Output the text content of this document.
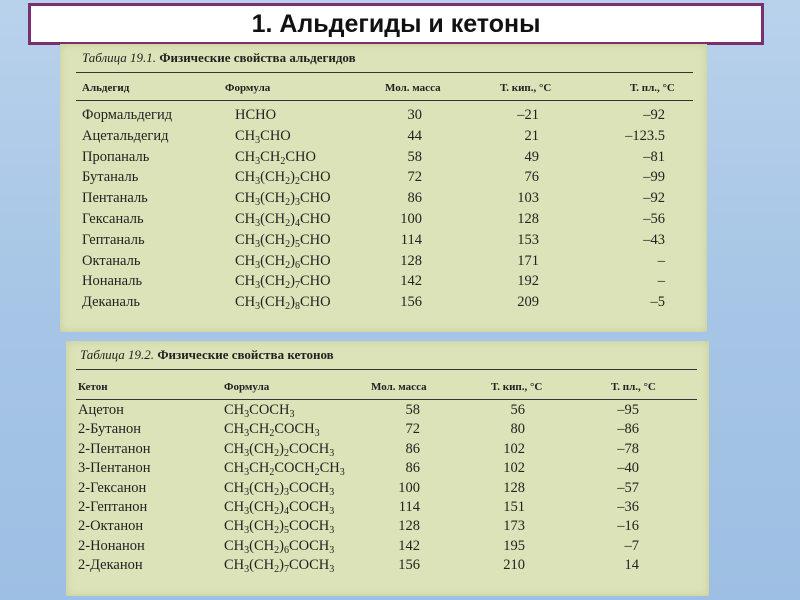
1. Альдегиды и кетоны
Таблица 19.1. Физические свойства альдегидов
Альдегид	Формула	Мол. масса	Т. кип., °С	Т. пл., °С
Формальдегид	HCHO	30	–21	–92
Ацетальдегид	$CH_3CHO$	44	21	–123.5
Пропаналь	$CH_3CH_2CHO$	58	49	–81
Бутаналь	$CH_3(CH_2)_2CHO$	72	76	–99
Пентаналь	$CH_3(CH_2)_3CHO$	86	103	–92
Гексаналь	$CH_3(CH_2)_4CHO$	100	128	–56
Гептаналь	$CH_3(CH_2)_5CHO$	114	153	–43
Октаналь	$CH_3(CH_2)_6CHO$	128	171	–
Нонаналь	$CH_3(CH_2)_7CHO$	142	192	–
Деканаль	$CH_3(CH_2)_8CHO$	156	209	–5
Таблица 19.2. Физические свойства кетонов
Кетон	Формула	Мол. масса	Т. кип., °С	Т. пл., °С
Ацетон	$CH_3COCH_3$	58	56	–95
2-Бутанон	$CH_3CH_2COCH_3$	72	80	–86
2-Пентанон	$CH_3(CH_2)_2COCH_3$	86	102	–78
3-Пентанон	$CH_3CH_2COCH_2CH_3$	86	102	–40
2-Гексанон	$CH_3(CH_2)_3COCH_3$	100	128	–57
2-Гептанон	$CH_3(CH_2)_4COCH_3$	114	151	–36
2-Октанон	$CH_3(CH_2)_5COCH_3$	128	173	–16
2-Нонанон	$CH_3(CH_2)_6COCH_3$	142	195	–7
2-Деканон	$CH_3(CH_2)_7COCH_3$	156	210	14
